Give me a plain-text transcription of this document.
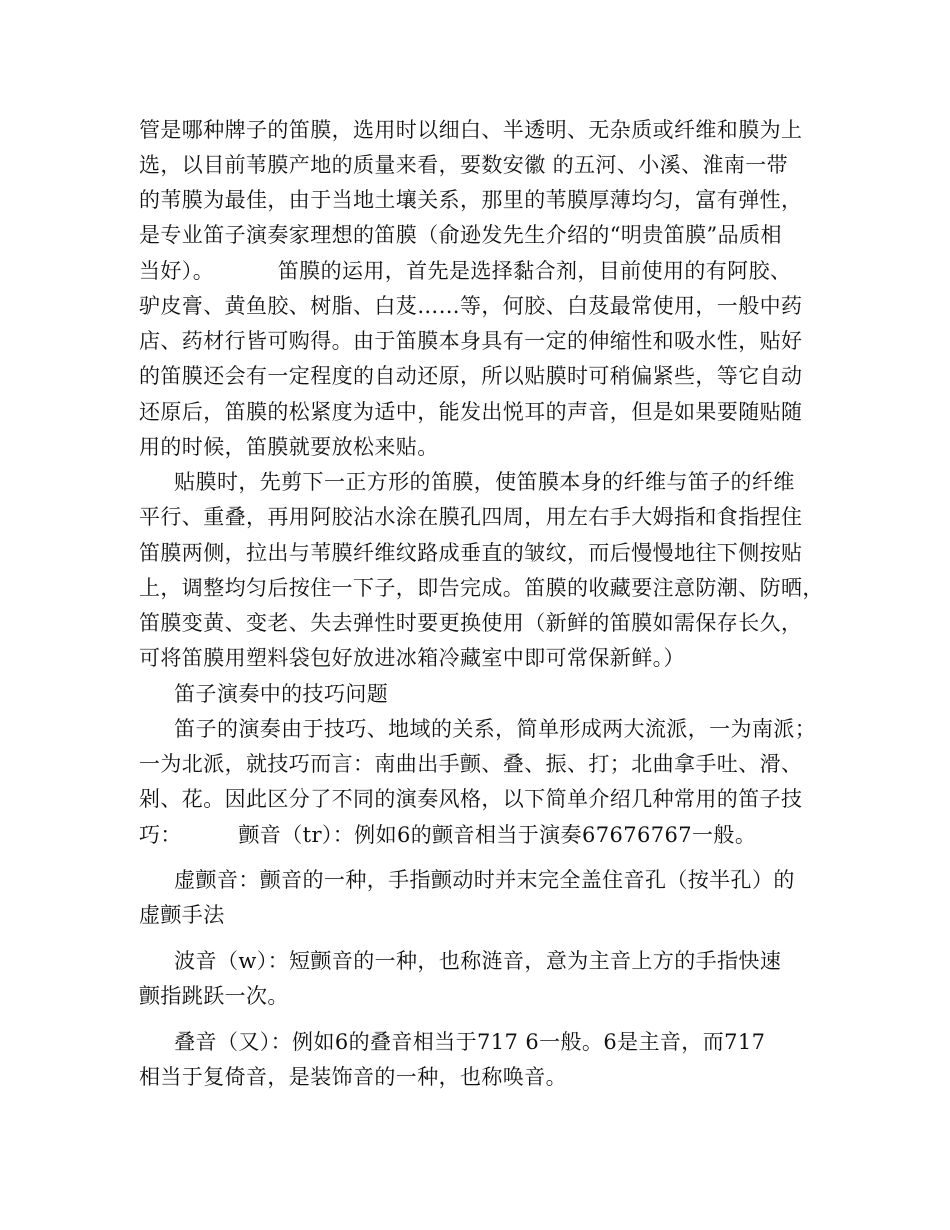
管是哪种牌子的笛膜，选用时以细白、半透明、无杂质或纤维和膜为上
选，以目前苇膜产地的质量来看，要数安徽 的五河、小溪、淮南一带
的苇膜为最佳，由于当地土壤关系，那里的苇膜厚薄均匀，富有弹性，
是专业笛子演奏家理想的笛膜（俞逊发先生介绍的“明贵笛膜”品质相
当好）。         笛膜的运用，首先是选择黏合剂，目前使用的有阿胶、
驴皮膏、黄鱼胶、树脂、白芨……等，何胶、白芨最常使用，一般中药
店、药材行皆可购得。由于笛膜本身具有一定的伸缩性和吸水性，贴好
的笛膜还会有一定程度的自动还原，所以贴膜时可稍偏紧些，等它自动
还原后，笛膜的松紧度为适中，能发出悦耳的声音，但是如果要随贴随
用的时候，笛膜就要放松来贴。
贴膜时，先剪下一正方形的笛膜，使笛膜本身的纤维与笛子的纤维
平行、重叠，再用阿胶沾水涂在膜孔四周，用左右手大姆指和食指捏住
笛膜两侧，拉出与苇膜纤维纹路成垂直的皱纹，而后慢慢地往下侧按贴
上，调整均匀后按住一下子，即告完成。笛膜的收藏要注意防潮、防晒，
笛膜变黄、变老、失去弹性时要更换使用（新鲜的笛膜如需保存长久，
可将笛膜用塑料袋包好放进冰箱冷藏室中即可常保新鲜。）
笛子演奏中的技巧问题
笛子的演奏由于技巧、地域的关系，简单形成两大流派，一为南派；
一为北派，就技巧而言：南曲出手颤、叠、振、打；北曲拿手吐、滑、
剁、花。因此区分了不同的演奏风格，以下简单介绍几种常用的笛子技
巧：        颤音（tr）：例如6的颤音相当于演奏67676767一般。
虚颤音：颤音的一种，手指颤动时并末完全盖住音孔（按半孔）的
虚颤手法
波音（w）：短颤音的一种，也称涟音，意为主音上方的手指快速
颤指跳跃一次。
叠音（又）：例如6的叠音相当于717 6一般。6是主音，而717
相当于复倚音，是装饰音的一种，也称唤音。
